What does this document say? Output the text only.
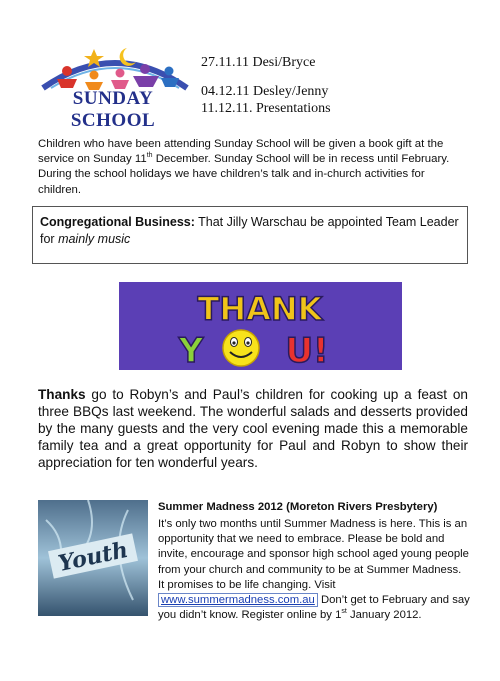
SUNDAY SCHOOL
27.11.11 Desi/Bryce
04.12.11 Desley/Jenny
11.12.11. Presentations
Children who have been attending Sunday School will be given a book gift at the service on Sunday 11th December. Sunday School will be in recess until February. During the school holidays we have children’s talk and in-church activities for children.
Congregational Business: That Jilly Warschau be appointed Team Leader for mainly music
THANK
Y U!
Thanks go to Robyn’s and Paul’s children for cooking up a feast on three BBQs last weekend. The wonderful salads and desserts provided by the many guests and the very cool evening made this a memorable family tea and a great opportunity for Paul and Robyn to show their appreciation for ten wonderful years.
Youth
Summer Madness 2012 (Moreton Rivers Presbytery)
It’s only two months until Summer Madness is here. This is an opportunity that we need to embrace. Please be bold and invite, encourage and sponsor high school aged young people from your church and community to be at Summer Madness. It promises to be life changing. Visit www.summermadness.com.au Don’t get to February and say you didn’t know. Register online by 1st January 2012.
